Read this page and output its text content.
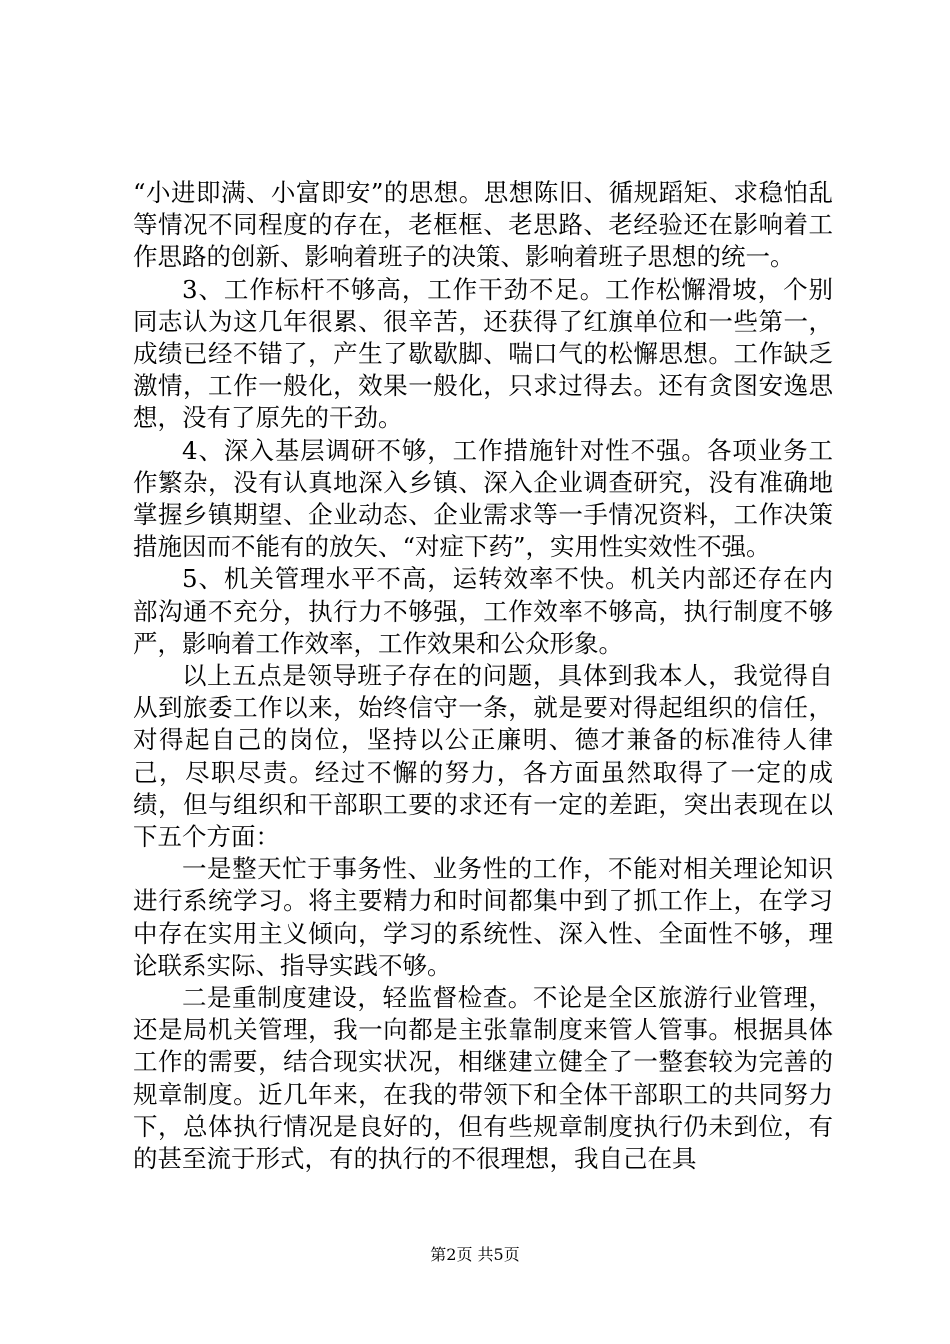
“小进即满、小富即安”的思想。思想陈旧、循规蹈矩、求稳怕乱等情况不同程度的存在，老框框、老思路、老经验还在影响着工作思路的创新、影响着班子的决策、影响着班子思想的统一。

3、工作标杆不够高，工作干劲不足。工作松懈滑坡，个别同志认为这几年很累、很辛苦，还获得了红旗单位和一些第一，成绩已经不错了，产生了歇歇脚、喘口气的松懈思想。工作缺乏激情，工作一般化，效果一般化，只求过得去。还有贪图安逸思想，没有了原先的干劲。

4、深入基层调研不够，工作措施针对性不强。各项业务工作繁杂，没有认真地深入乡镇、深入企业调查研究，没有准确地掌握乡镇期望、企业动态、企业需求等一手情况资料，工作决策措施因而不能有的放矢、“对症下药”，实用性实效性不强。

5、机关管理水平不高，运转效率不快。机关内部还存在内部沟通不充分，执行力不够强，工作效率不够高，执行制度不够严，影响着工作效率，工作效果和公众形象。

以上五点是领导班子存在的问题，具体到我本人，我觉得自从到旅委工作以来，始终信守一条，就是要对得起组织的信任，对得起自己的岗位，坚持以公正廉明、德才兼备的标准待人律己，尽职尽责。经过不懈的努力，各方面虽然取得了一定的成绩，但与组织和干部职工要的求还有一定的差距，突出表现在以下五个方面：

一是整天忙于事务性、业务性的工作，不能对相关理论知识进行系统学习。将主要精力和时间都集中到了抓工作上，在学习中存在实用主义倾向，学习的系统性、深入性、全面性不够，理论联系实际、指导实践不够。

二是重制度建设，轻监督检查。不论是全区旅游行业管理，还是局机关管理，我一向都是主张靠制度来管人管事。根据具体工作的需要，结合现实状况，相继建立健全了一整套较为完善的规章制度。近几年来，在我的带领下和全体干部职工的共同努力下，总体执行情况是良好的，但有些规章制度执行仍未到位，有的甚至流于形式，有的执行的不很理想，我自己在具

第2页 共5页
